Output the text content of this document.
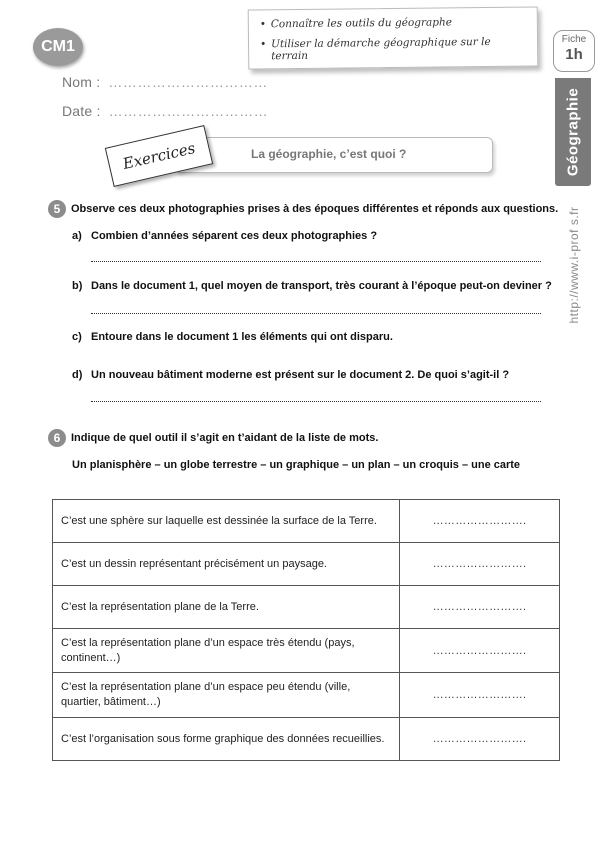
CM1
Nom : ……………………………
Date : ……………………………
• Connaître les outils du géographe
• Utiliser la démarche géographique sur le terrain
Fiche
1h
Géographie
http://www.i-prof s.fr
La géographie, c’est quoi ?
Exercices
5 Observe ces deux photographies prises à des époques différentes et réponds aux questions.
a) Combien d’années séparent ces deux photographies ?
b) Dans le document 1, quel moyen de transport, très courant à l’époque peut-on deviner ?
c) Entoure dans le document 1 les éléments qui ont disparu.
d) Un nouveau bâtiment moderne est présent sur le document 2. De quoi s’agit-il ?
6 Indique de quel outil il s’agit en t’aidant de la liste de mots.
Un planisphère – un globe terrestre – un graphique – un plan – un croquis – une carte
C’est une sphère sur laquelle est dessinée la surface de la Terre.	…………………….
C’est un dessin représentant précisément un paysage.	…………………….
C’est la représentation plane de la Terre.	…………………….
C’est la représentation plane d’un espace très étendu (pays, continent…)	…………………….
C’est la représentation plane d’un espace peu étendu (ville, quartier, bâtiment…)	…………………….
C’est l’organisation sous forme graphique des données recueillies.	…………………….
